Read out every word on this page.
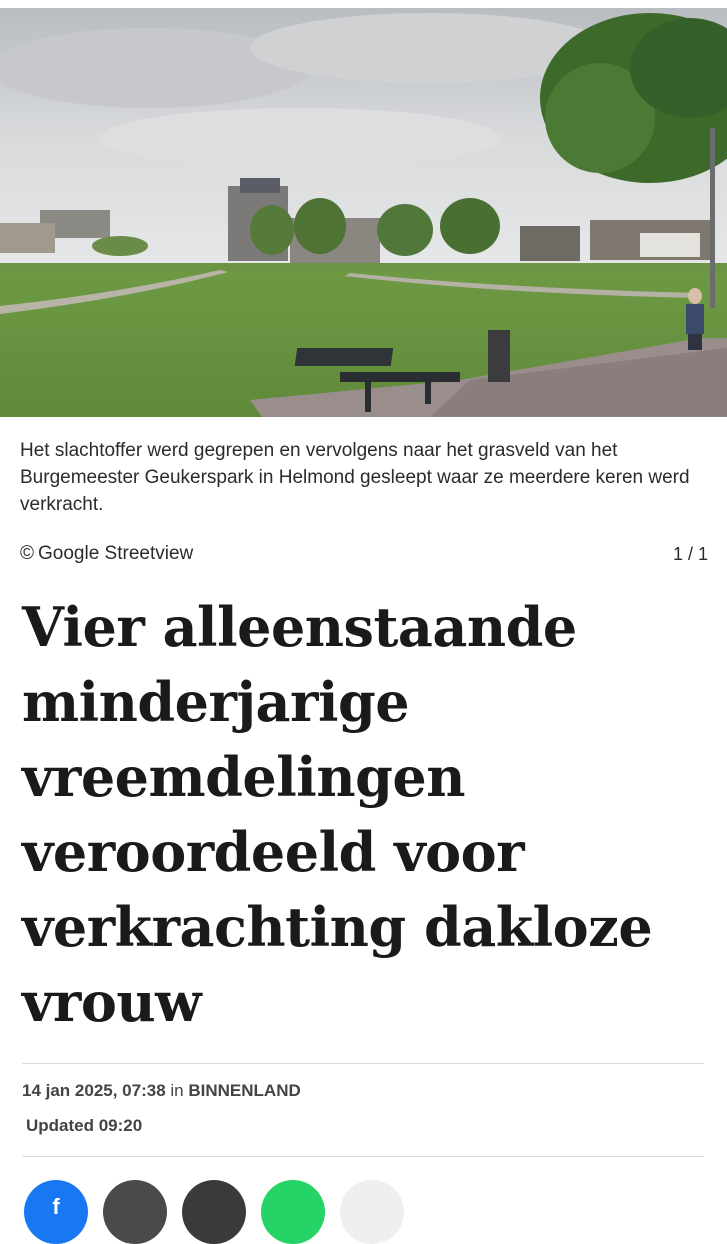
Het slachtoffer werd gegrepen en vervolgens naar het grasveld van het Burgemeester Geukerspark in Helmond gesleept waar ze meerdere keren werd verkracht.
© Google Streetview	1 / 1
Vier alleenstaande minderjarige vreemdelingen veroordeeld voor verkrachting dakloze vrouw
14 jan 2025, 07:38 in BINNENLAND
Updated 09:20
f
